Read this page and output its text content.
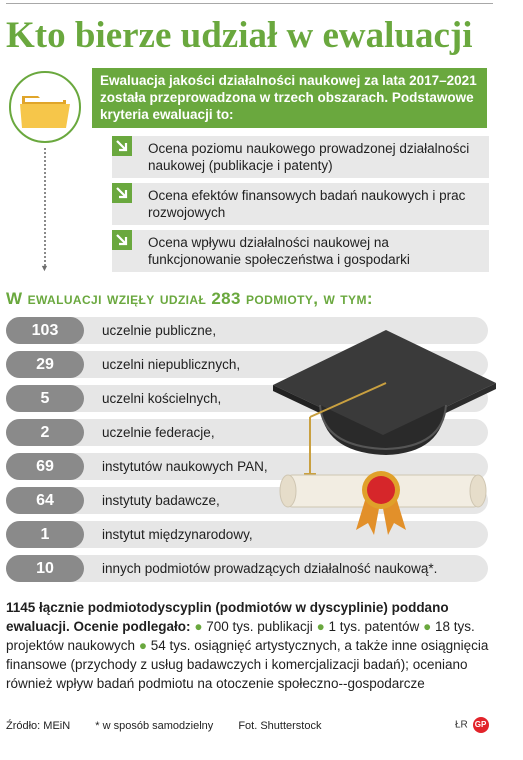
Kto bierze udział w ewaluacji
▼
Ewaluacja jakości działalności naukowej za lata 2017–2021 została przeprowadzona w trzech obszarach. Podstawowe kryteria ewaluacji to:
Ocena poziomu naukowego prowadzonej działalności naukowej (publikacje i patenty)
Ocena efektów finansowych badań naukowych i prac rozwojowych
Ocena wpływu działalności naukowej na funkcjonowanie społeczeństwa i gospodarki
W ewaluacji wzięły udział 283 podmioty, w tym:
103	uczelnie publiczne,
29	uczelni niepublicznych,
5	uczelni kościelnych,
2	uczelnie federacje,
69	instytutów naukowych PAN,
64	instytuty badawcze,
1	instytut międzynarodowy,
10	innych podmiotów prowadzących działalność naukową*.
1145 łącznie podmiotodyscyplin (podmiotów w dyscyplinie) poddano ewaluacji. Ocenie podlegało: ● 700 tys. publikacji ● 1 tys. patentów ● 18 tys. projektów naukowych ● 54 tys. osiągnięć artystycznych, a także inne osiągnięcia finansowe (przychody z usług badawczych i komercjalizacji badań); oceniano również wpływ badań podmiotu na otoczenie społeczno--gospodarcze
Źródło: MEiN * w sposób samodzielny Fot. Shutterstock	ŁR GP
